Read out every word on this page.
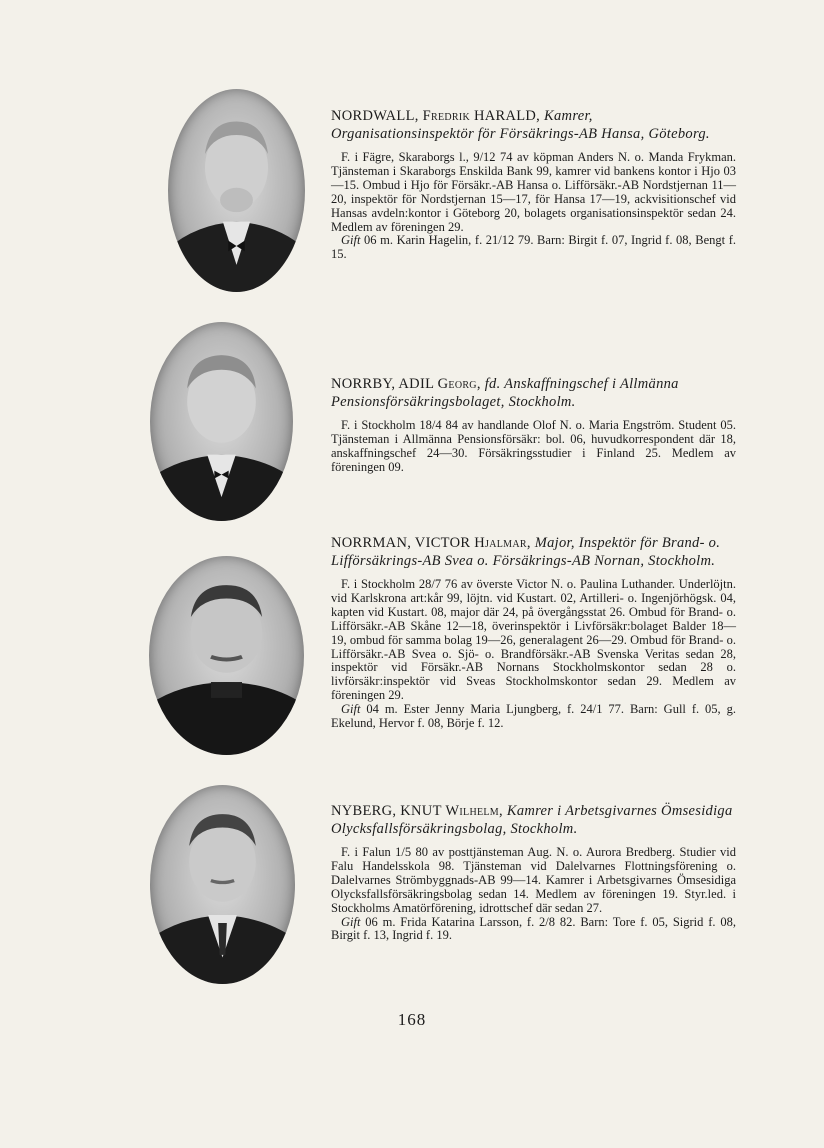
NORDWALL, Fredrik HARALD, Kamrer, Organisationsinspektör för Försäkrings-AB Hansa, Göteborg.

F. i Fägre, Skaraborgs l., 9/12 74 av köpman Anders N. o. Manda Frykman. Tjänsteman i Skaraborgs Enskilda Bank 99, kamrer vid bankens kontor i Hjo 03—15. Ombud i Hjo för Försäkr.-AB Hansa o. Lifförsäkr.-AB Nordstjernan 11—20, inspektör för Nordstjernan 15—17, för Hansa 17—19, ackvisitionschef vid Hansas avdeln:kontor i Göteborg 20, bolagets organisationsinspektör sedan 24. Medlem av föreningen 29.

Gift 06 m. Karin Hagelin, f. 21/12 79. Barn: Birgit f. 07, Ingrid f. 08, Bengt f. 15.

NORRBY, ADIL Georg, fd. Anskaffningschef i Allmänna Pensionsförsäkringsbolaget, Stockholm.

F. i Stockholm 18/4 84 av handlande Olof N. o. Maria Engström. Student 05. Tjänsteman i Allmänna Pensionsförsäkr: bol. 06, huvudkorrespondent där 18, anskaffningschef 24—30. Försäkringsstudier i Finland 25. Medlem av föreningen 09.

NORRMAN, VICTOR Hjalmar, Major, Inspektör för Brand- o. Lifförsäkrings-AB Svea o. Försäkrings-AB Nornan, Stockholm.

F. i Stockholm 28/7 76 av överste Victor N. o. Paulina Luthander. Underlöjtn. vid Karlskrona art:kår 99, löjtn. vid Kustart. 02, Artilleri- o. Ingenjörhögsk. 04, kapten vid Kustart. 08, major där 24, på övergångsstat 26. Ombud för Brand- o. Lifförsäkr.-AB Skåne 12—18, överinspektör i Livförsäkr:bolaget Balder 18—19, ombud för samma bolag 19—26, generalagent 26—29. Ombud för Brand- o. Lifförsäkr.-AB Svea o. Sjö- o. Brandförsäkr.-AB Svenska Veritas sedan 28, inspektör vid Försäkr.-AB Nornans Stockholmskontor sedan 28 o. livförsäkr:inspektör vid Sveas Stockholmskontor sedan 29. Medlem av föreningen 29.

Gift 04 m. Ester Jenny Maria Ljungberg, f. 24/1 77. Barn: Gull f. 05, g. Ekelund, Hervor f. 08, Börje f. 12.

NYBERG, KNUT Wilhelm, Kamrer i Arbetsgivarnes Ömsesidiga Olycksfallsförsäkringsbolag, Stockholm.

F. i Falun 1/5 80 av posttjänsteman Aug. N. o. Aurora Bredberg. Studier vid Falu Handelsskola 98. Tjänsteman vid Dalelvarnes Flottningsförening o. Dalelvarnes Strömbyggnads-AB 99—14. Kamrer i Arbetsgivarnes Ömsesidiga Olycksfallsförsäkringsbolag sedan 14. Medlem av föreningen 19. Styr.led. i Stockholms Amatörförening, idrottschef där sedan 27.

Gift 06 m. Frida Katarina Larsson, f. 2/8 82. Barn: Tore f. 05, Sigrid f. 08, Birgit f. 13, Ingrid f. 19.

168
